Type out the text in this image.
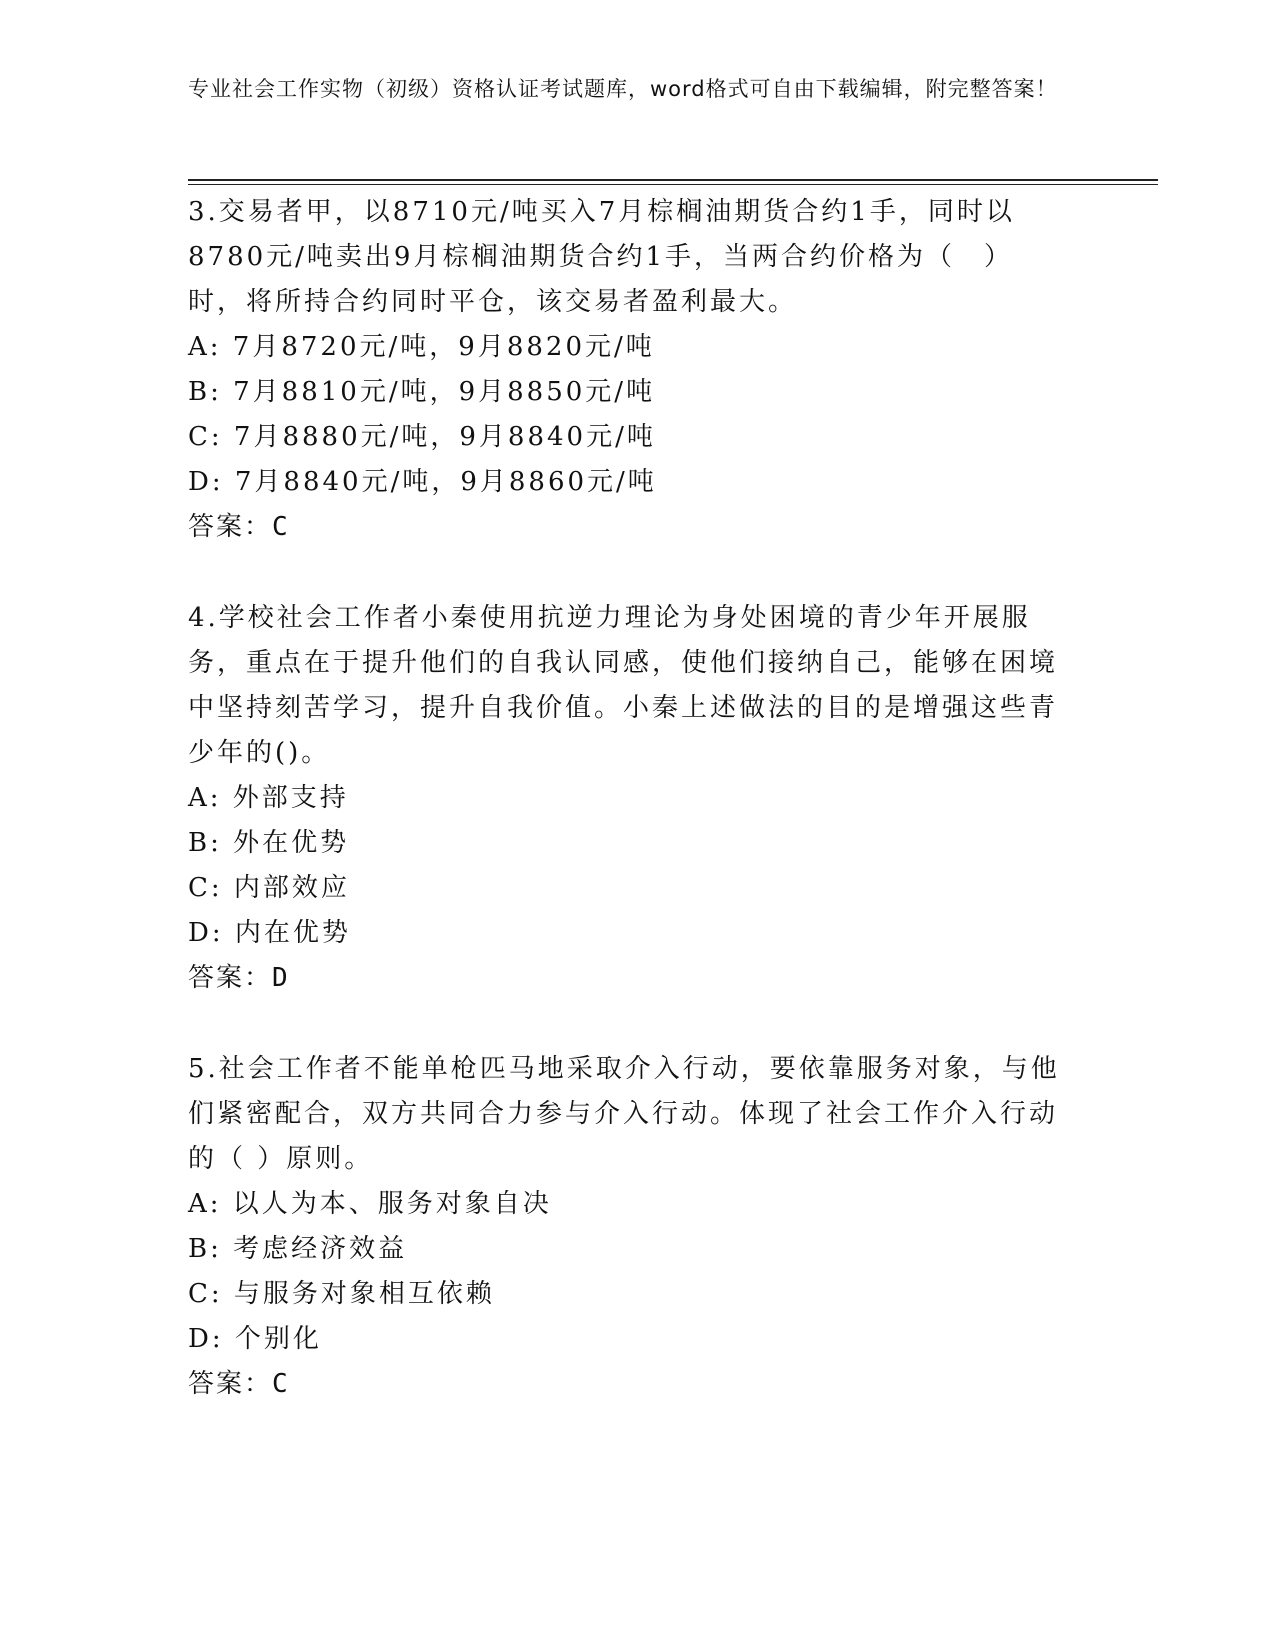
专业社会工作实物（初级）资格认证考试题库，word格式可自由下载编辑，附完整答案！
3.交易者甲，以8710元/吨买入7月棕榈油期货合约1手，同时以8780元/吨卖出9月棕榈油期货合约1手，当两合约价格为（　）时，将所持合约同时平仓，该交易者盈利最大。
A: 7月8720元/吨，9月8820元/吨
B: 7月8810元/吨，9月8850元/吨
C: 7月8880元/吨，9月8840元/吨
D: 7月8840元/吨，9月8860元/吨
答案：C
4.学校社会工作者小秦使用抗逆力理论为身处困境的青少年开展服务，重点在于提升他们的自我认同感，使他们接纳自己，能够在困境中坚持刻苦学习，提升自我价值。小秦上述做法的目的是增强这些青少年的()。
A: 外部支持
B: 外在优势
C: 内部效应
D: 内在优势
答案：D
5.社会工作者不能单枪匹马地采取介入行动，要依靠服务对象，与他们紧密配合，双方共同合力参与介入行动。体现了社会工作介入行动的（ ）原则。
A: 以人为本、服务对象自决
B: 考虑经济效益
C: 与服务对象相互依赖
D: 个别化
答案：C
